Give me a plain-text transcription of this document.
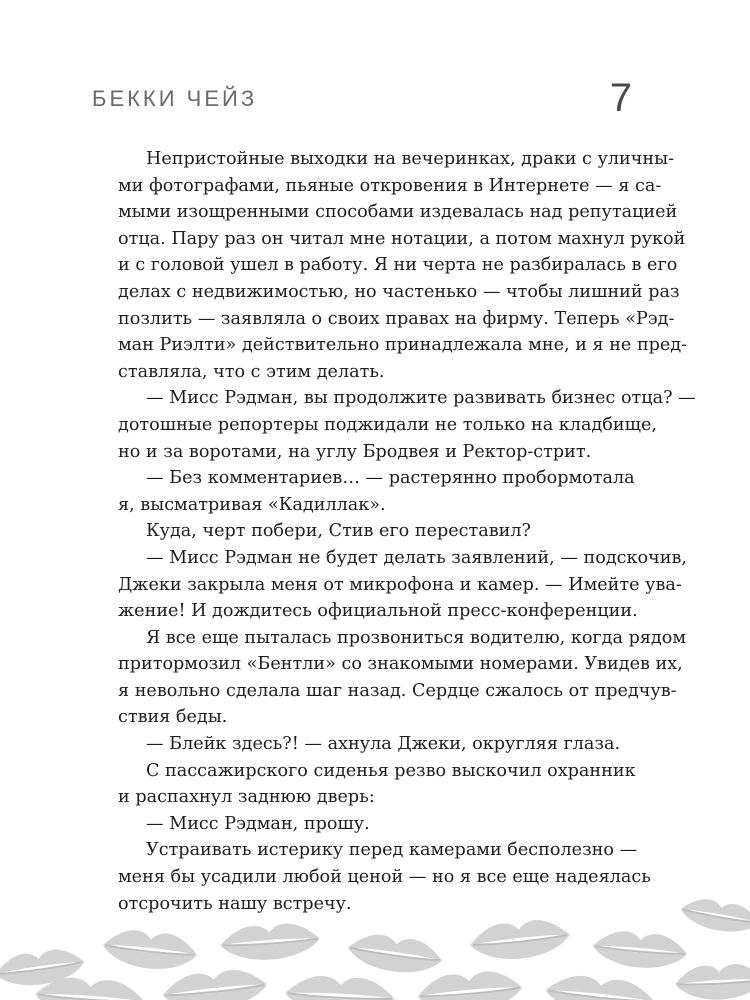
БЕККИ ЧЕЙЗ	7
Непристойные выходки на вечеринках, драки с уличны-
ми фотографами, пьяные откровения в Интернете — я са-
мыми изощренными способами издевалась над репутацией
отца. Пару раз он читал мне нотации, а потом махнул рукой
и с головой ушел в работу. Я ни черта не разбиралась в его
делах с недвижимостью, но частенько — чтобы лишний раз
позлить — заявляла о своих правах на фирму. Теперь «Рэд-
ман Риэлти» действительно принадлежала мне, и я не пред-
ставляла, что с этим делать.
— Мисс Рэдман, вы продолжите развивать бизнес отца? —
дотошные репортеры поджидали не только на кладбище,
но и за воротами, на углу Бродвея и Ректор-стрит.
— Без комментариев… — растерянно пробормотала
я, высматривая «Кадиллак».
Куда, черт побери, Стив его переставил?
— Мисс Рэдман не будет делать заявлений, — подскочив,
Джеки закрыла меня от микрофона и камер. — Имейте ува-
жение! И дождитесь официальной пресс-конференции.
Я все еще пыталась прозвониться водителю, когда рядом
притормозил «Бентли» со знакомыми номерами. Увидев их,
я невольно сделала шаг назад. Сердце сжалось от предчув-
ствия беды.
— Блейк здесь?! — ахнула Джеки, округляя глаза.
С пассажирского сиденья резво выскочил охранник
и распахнул заднюю дверь:
— Мисс Рэдман, прошу.
Устраивать истерику перед камерами бесполезно —
меня бы усадили любой ценой — но я все еще надеялась
отсрочить нашу встречу.
